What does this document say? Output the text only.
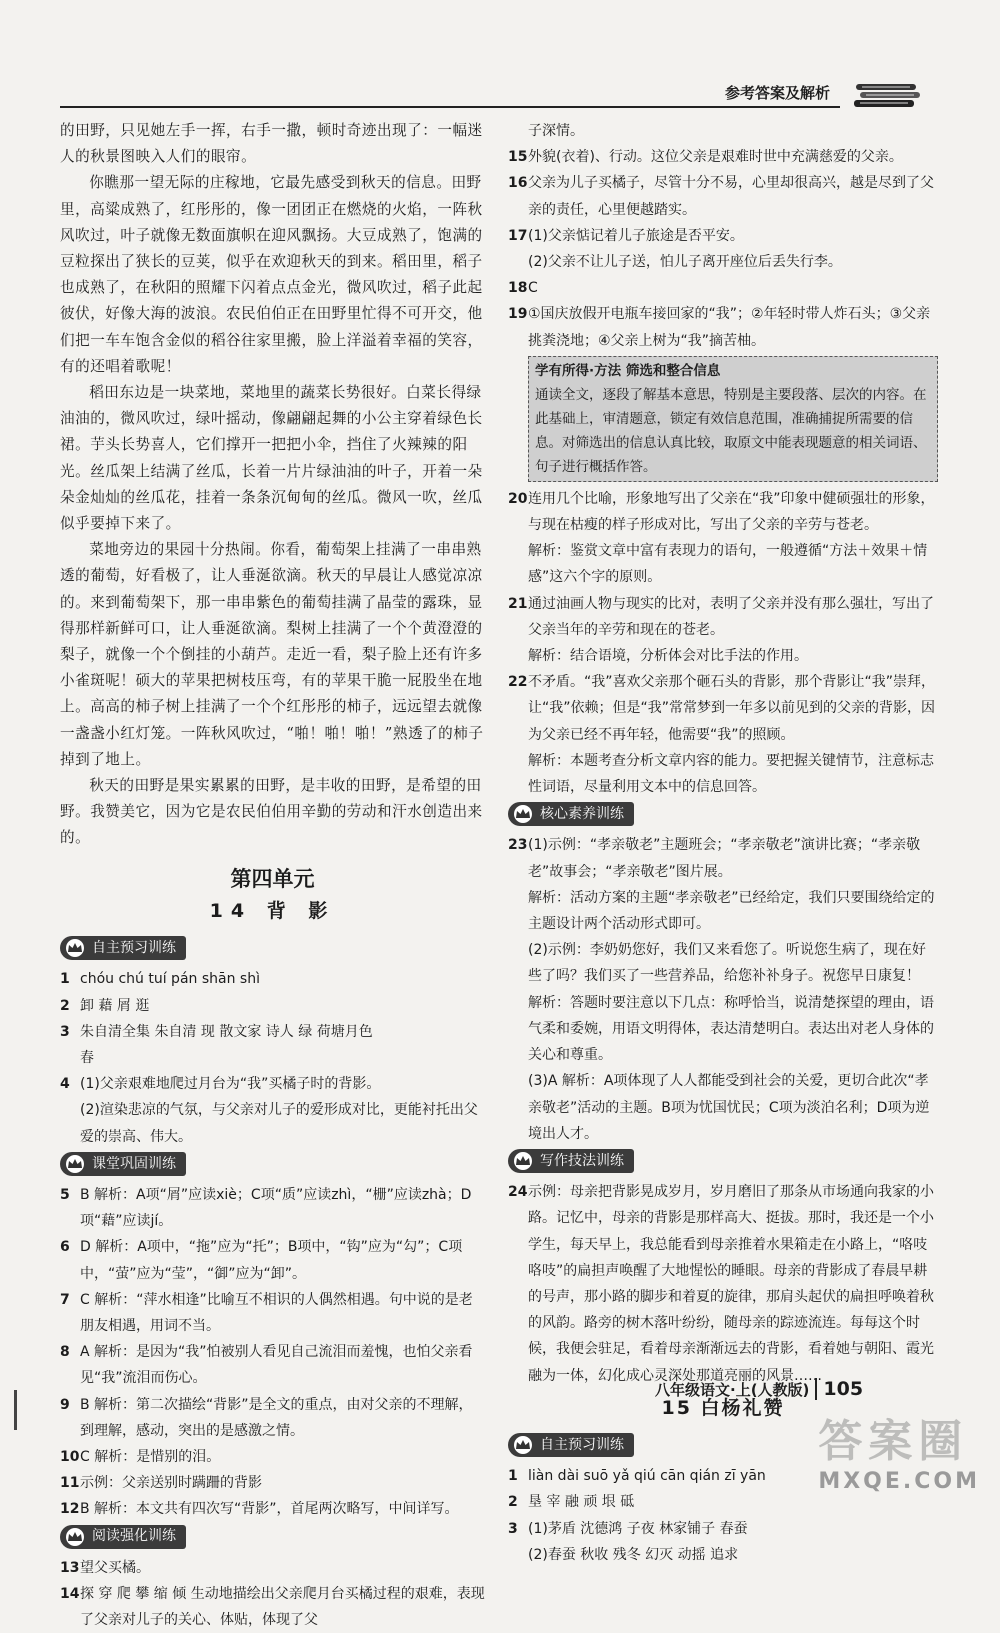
参考答案及解析

的田野，只见她左手一挥，右手一撒，顿时奇迹出现了：一幅迷人的秋景图映入人们的眼帘。

你瞧那一望无际的庄稼地，它最先感受到秋天的信息。田野里，高粱成熟了，红彤彤的，像一团团正在燃烧的火焰，一阵秋风吹过，叶子就像无数面旗帜在迎风飘扬。大豆成熟了，饱满的豆粒探出了狭长的豆荚，似乎在欢迎秋天的到来。稻田里，稻子也成熟了，在秋阳的照耀下闪着点点金光，微风吹过，稻子此起彼伏，好像大海的波浪。农民伯伯正在田野里忙得不可开交，他们把一车车饱含金似的稻谷往家里搬，脸上洋溢着幸福的笑容，有的还唱着歌呢！

稻田东边是一块菜地，菜地里的蔬菜长势很好。白菜长得绿油油的，微风吹过，绿叶摇动，像翩翩起舞的小公主穿着绿色长裙。芋头长势喜人，它们撑开一把把小伞，挡住了火辣辣的阳光。丝瓜架上结满了丝瓜，长着一片片绿油油的叶子，开着一朵朵金灿灿的丝瓜花，挂着一条条沉甸甸的丝瓜。微风一吹，丝瓜似乎要掉下来了。

菜地旁边的果园十分热闹。你看，葡萄架上挂满了一串串熟透的葡萄，好看极了，让人垂涎欲滴。秋天的早晨让人感觉凉凉的。来到葡萄架下，那一串串紫色的葡萄挂满了晶莹的露珠，显得那样新鲜可口，让人垂涎欲滴。梨树上挂满了一个个黄澄澄的梨子，就像一个个倒挂的小葫芦。走近一看，梨子脸上还有许多小雀斑呢！硕大的苹果把树枝压弯，有的苹果干脆一屁股坐在地上。高高的柿子树上挂满了一个个红彤彤的柿子，远远望去就像一盏盏小红灯笼。一阵秋风吹过，“啪！啪！啪！”熟透了的柿子掉到了地上。

秋天的田野是果实累累的田野，是丰收的田野，是希望的田野。我赞美它，因为它是农民伯伯用辛勤的劳动和汗水创造出来的。

第四单元
14 背 影
自主预习训练
1 chóu chú tuí pán shān shì
2 卸 藉 屑 逛
3 朱自清全集 朱自清 现 散文家 诗人 绿 荷塘月色
春
4 (1)父亲艰难地爬过月台为“我”买橘子时的背影。
(2)渲染悲凉的气氛，与父亲对儿子的爱形成对比，更能衬托出父爱的崇高、伟大。
课堂巩固训练
5 B 解析：A项“屑”应读xiè；C项“质”应读zhì，“栅”应读zhà；D项“藉”应读jí。
6 D 解析：A项中，“拖”应为“托”；B项中，“钩”应为“勾”；C项中，“萤”应为“莹”，“御”应为“卸”。
7 C 解析：“萍水相逢”比喻互不相识的人偶然相遇。句中说的是老朋友相遇，用词不当。
8 A 解析：是因为“我”怕被别人看见自己流泪而羞愧，也怕父亲看见“我”流泪而伤心。
9 B 解析：第二次描绘“背影”是全文的重点，由对父亲的不理解，到理解，感动，突出的是感激之情。
10 C 解析：是惜别的泪。
11 示例：父亲送别时蹒跚的背影
12 B 解析：本文共有四次写“背影”，首尾两次略写，中间详写。
阅读强化训练
13 望父买橘。
14 探 穿 爬 攀 缩 倾 生动地描绘出父亲爬月台买橘过程的艰难，表现了父亲对儿子的关心、体贴，体现了父
子深情。
15 外貌(衣着)、行动。这位父亲是艰难时世中充满慈爱的父亲。
16 父亲为儿子买橘子，尽管十分不易，心里却很高兴，越是尽到了父亲的责任，心里便越踏实。
17 (1)父亲惦记着儿子旅途是否平安。
(2)父亲不让儿子送，怕儿子离开座位后丢失行李。
18 C
19 ①国庆放假开电瓶车接回家的“我”；②年轻时带人炸石头；③父亲挑粪浇地；④父亲上树为“我”摘苦柚。
学有所得·方法 筛选和整合信息
通读全文，逐段了解基本意思，特别是主要段落、层次的内容。在此基础上，审清题意，锁定有效信息范围，准确捕捉所需要的信息。对筛选出的信息认真比较，取原文中能表现题意的相关词语、句子进行概括作答。
20 连用几个比喻，形象地写出了父亲在“我”印象中健硕强壮的形象，与现在枯瘦的样子形成对比，写出了父亲的辛劳与苍老。
解析：鉴赏文章中富有表现力的语句，一般遵循“方法＋效果＋情感”这六个字的原则。
21 通过油画人物与现实的比对，表明了父亲并没有那么强壮，写出了父亲当年的辛劳和现在的苍老。
解析：结合语境，分析体会对比手法的作用。
22 不矛盾。“我”喜欢父亲那个砸石头的背影，那个背影让“我”崇拜，让“我”依赖；但是“我”常常梦到一年多以前见到的父亲的背影，因为父亲已经不再年轻，他需要“我”的照顾。
解析：本题考查分析文章内容的能力。要把握关键情节，注意标志性词语，尽量利用文本中的信息回答。
核心素养训练
23 (1)示例：“孝亲敬老”主题班会；“孝亲敬老”演讲比赛；“孝亲敬老”故事会；“孝亲敬老”图片展。
解析：活动方案的主题“孝亲敬老”已经给定，我们只要围绕给定的主题设计两个活动形式即可。
(2)示例：李奶奶您好，我们又来看您了。听说您生病了，现在好些了吗？我们买了一些营养品，给您补补身子。祝您早日康复！
解析：答题时要注意以下几点：称呼恰当，说清楚探望的理由，语气柔和委婉，用语文明得体，表达清楚明白。表达出对老人身体的关心和尊重。
(3)A 解析：A项体现了人人都能受到社会的关爱，更切合此次“孝亲敬老”活动的主题。B项为忧国忧民；C项为淡泊名利；D项为逆境出人才。
写作技法训练
24 示例：母亲把背影晃成岁月，岁月磨旧了那条从市场通向我家的小路。记忆中，母亲的背影是那样高大、挺拔。那时，我还是一个小学生，每天早上，我总能看到母亲推着水果箱走在小路上，“咯吱咯吱”的扁担声唤醒了大地惺忪的睡眼。母亲的背影成了春晨早耕的号声，那小路的脚步和着夏的旋律，那肩头起伏的扁担呼唤着秋的风韵。路旁的树木落叶纷纷，随母亲的踪迹流连。每每这个时候，我便会驻足，看着母亲渐渐远去的背影，看着她与朝阳、霞光融为一体，幻化成心灵深处那道亮丽的风景……
15 白杨礼赞
自主预习训练
1 liàn dài suō yǎ qiú cān qián zī yān
2 垦 宰 融 顽 垠 砥
3 (1)茅盾 沈德鸿 子夜 林家铺子 春蚕
(2)春蚕 秋收 残冬 幻灭 动摇 追求
八年级语文·上(人教版) 105
答案圈
MXQE.COM
